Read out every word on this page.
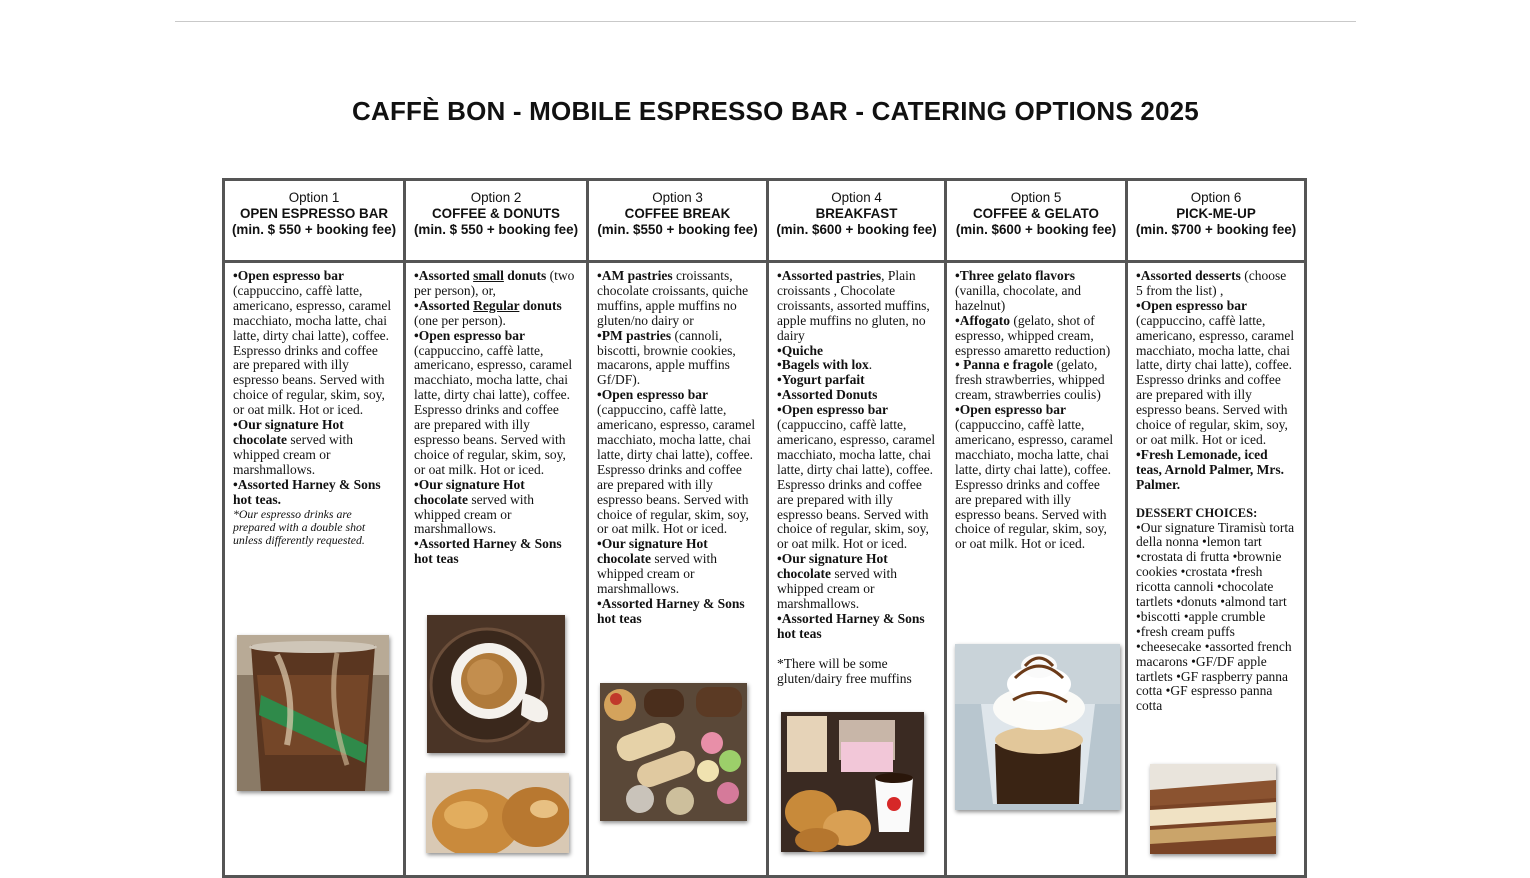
CAFFÈ BON - MOBILE ESPRESSO BAR - CATERING OPTIONS 2025
Option 1
OPEN ESPRESSO BAR
(min. $ 550 + booking fee)

•Open espresso bar (cappuccino, caffè latte, americano, espresso, caramel macchiato, mocha latte, chai latte, dirty chai latte), coffee. Espresso drinks and coffee are prepared with illy espresso beans. Served with choice of regular, skim, soy, or oat milk. Hot or iced.

•Our signature Hot chocolate served with whipped cream or marshmallows.

•Assorted Harney & Sons hot teas.

*Our espresso drinks are prepared with a double shot unless differently requested.

Option 2
COFFEE & DONUTS
(min. $ 550 + booking fee)

•Assorted small donuts (two per person), or,

•Assorted Regular donuts (one per person).

•Open espresso bar (cappuccino, caffè latte, americano, espresso, caramel macchiato, mocha latte, chai latte, dirty chai latte), coffee. Espresso drinks and coffee are prepared with illy espresso beans. Served with choice of regular, skim, soy, or oat milk. Hot or iced.

•Our signature Hot chocolate served with whipped cream or marshmallows.

•Assorted Harney & Sons hot teas

Option 3
COFFEE BREAK
(min. $550 + booking fee)

•AM pastries croissants, chocolate croissants, quiche muffins, apple muffins no gluten/no dairy or

•PM pastries (cannoli, biscotti, brownie cookies, macarons, apple muffins Gf/DF).

•Open espresso bar (cappuccino, caffè latte, americano, espresso, caramel macchiato, mocha latte, chai latte, dirty chai latte), coffee. Espresso drinks and coffee are prepared with illy espresso beans. Served with choice of regular, skim, soy, or oat milk. Hot or iced.

•Our signature Hot chocolate served with whipped cream or marshmallows.

•Assorted Harney & Sons hot teas

Option 4
BREAKFAST
(min. $600 + booking fee)

•Assorted pastries, Plain croissants , Chocolate croissants, assorted muffins, apple muffins no gluten, no dairy

•Quiche

•Bagels with lox.

•Yogurt parfait

•Assorted Donuts

•Open espresso bar (cappuccino, caffè latte, americano, espresso, caramel macchiato, mocha latte, chai latte, dirty chai latte), coffee. Espresso drinks and coffee are prepared with illy espresso beans. Served with choice of regular, skim, soy, or oat milk. Hot or iced.

•Our signature Hot chocolate served with whipped cream or marshmallows.

•Assorted Harney & Sons hot teas

*There will be some gluten/dairy free muffins

Option 5
COFFEE & GELATO
(min. $600 + booking fee)

•Three gelato flavors (vanilla, chocolate, and hazelnut)

•Affogato (gelato, shot of espresso, whipped cream, espresso amaretto reduction)

• Panna e fragole (gelato, fresh strawberries, whipped cream, strawberries coulis)

•Open espresso bar (cappuccino, caffè latte, americano, espresso, caramel macchiato, mocha latte, chai latte, dirty chai latte), coffee. Espresso drinks and coffee are prepared with illy espresso beans. Served with choice of regular, skim, soy, or oat milk. Hot or iced.

Option 6
PICK-ME-UP
(min. $700 + booking fee)

•Assorted desserts (choose 5 from the list) ,

•Open espresso bar (cappuccino, caffè latte, americano, espresso, caramel macchiato, mocha latte, chai latte, dirty chai latte), coffee. Espresso drinks and coffee are prepared with illy espresso beans. Served with choice of regular, skim, soy, or oat milk. Hot or iced.

•Fresh Lemonade, iced teas, Arnold Palmer, Mrs. Palmer.

DESSERT CHOICES:

•Our signature Tiramisù torta della nonna •lemon tart •crostata di frutta •brownie cookies •crostata •fresh ricotta cannoli •chocolate tartlets •donuts •almond tart •biscotti •apple crumble •fresh cream puffs •cheesecake •assorted french macarons •GF/DF apple tartlets •GF raspberry panna cotta •GF espresso panna cotta
